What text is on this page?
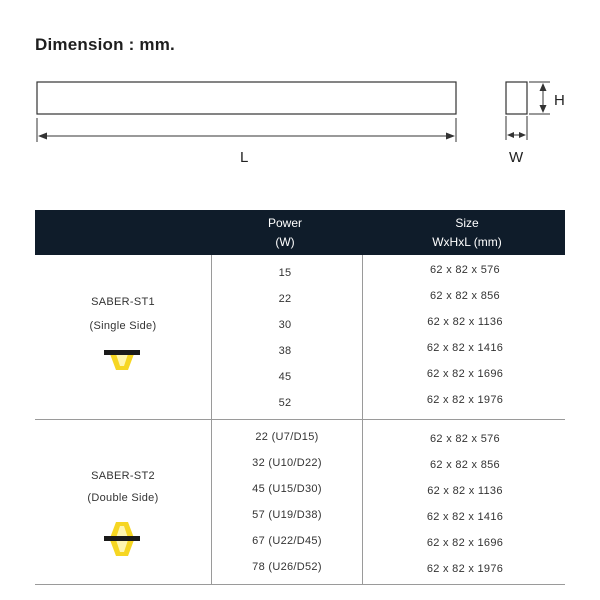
Dimension : mm.
L	W
H
Power
(W)
Size
WxHxL (mm)
SABER-ST1
(Single Side)
15
22
30
38
45
52
62 x 82 x 576
62 x 82 x 856
62 x 82 x 1136
62 x 82 x 1416
62 x 82 x 1696
62 x 82 x 1976
SABER-ST2
(Double Side)
22 (U7/D15)
32 (U10/D22)
45 (U15/D30)
57 (U19/D38)
67 (U22/D45)
78 (U26/D52)
62 x 82 x 576
62 x 82 x 856
62 x 82 x 1136
62 x 82 x 1416
62 x 82 x 1696
62 x 82 x 1976
